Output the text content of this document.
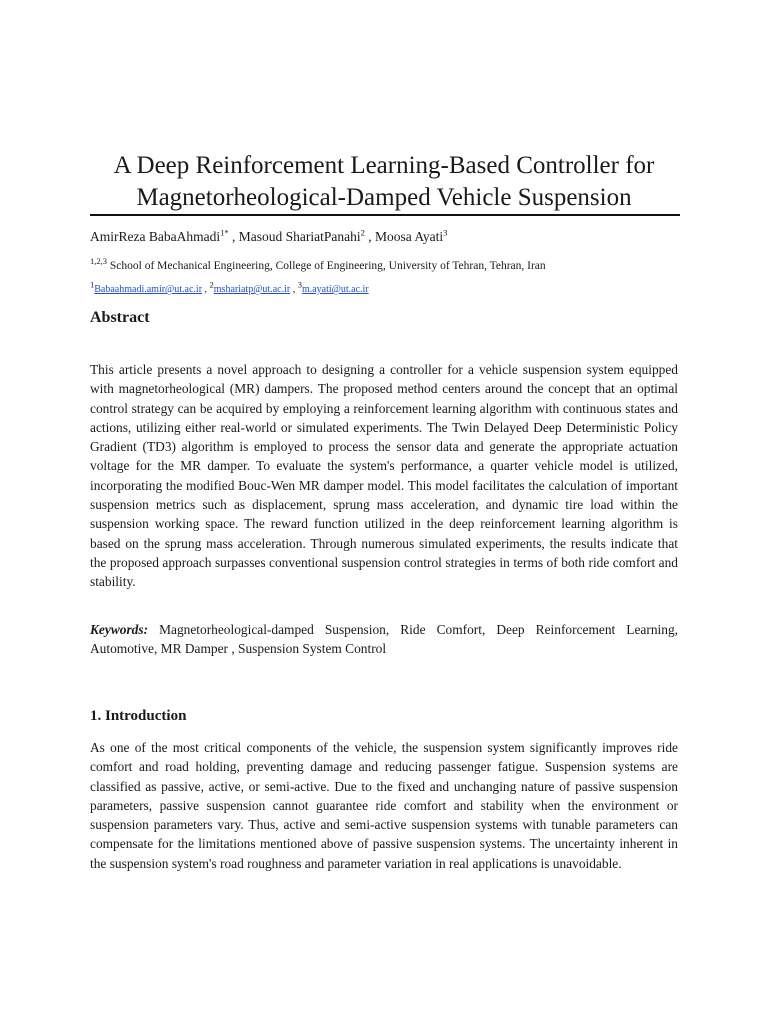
A Deep Reinforcement Learning-Based Controller for
Magnetorheological-Damped Vehicle Suspension
AmirReza BabaAhmadi$^{1*}$ , Masoud ShariatPanahi$^2$ , Moosa Ayati$^3$
$^{1,2,3}$ School of Mechanical Engineering, College of Engineering, University of Tehran, Tehran, Iran
$^1$Babaahmadi.amir@ut.ac.ir , $^2$mshariatp@ut.ac.ir , $^3$m.ayati@ut.ac.ir
Abstract

This article presents a novel approach to designing a controller for a vehicle suspension system equipped with magnetorheological (MR) dampers. The proposed method centers around the concept that an optimal control strategy can be acquired by employing a reinforcement learning algorithm with continuous states and actions, utilizing either real-world or simulated experiments. The Twin Delayed Deep Deterministic Policy Gradient (TD3) algorithm is employed to process the sensor data and generate the appropriate actuation voltage for the MR damper. To evaluate the system's performance, a quarter vehicle model is utilized, incorporating the modified Bouc-Wen MR damper model. This model facilitates the calculation of important suspension metrics such as displacement, sprung mass acceleration, and dynamic tire load within the suspension working space. The reward function utilized in the deep reinforcement learning algorithm is based on the sprung mass acceleration. Through numerous simulated experiments, the results indicate that the proposed approach surpasses conventional suspension control strategies in terms of both ride comfort and stability.

Keywords: Magnetorheological-damped Suspension, Ride Comfort, Deep Reinforcement Learning, Automotive, MR Damper , Suspension System Control

1. Introduction

As one of the most critical components of the vehicle, the suspension system significantly improves ride comfort and road holding, preventing damage and reducing passenger fatigue. Suspension systems are classified as passive, active, or semi-active. Due to the fixed and unchanging nature of passive suspension parameters, passive suspension cannot guarantee ride comfort and stability when the environment or suspension parameters vary. Thus, active and semi-active suspension systems with tunable parameters can compensate for the limitations mentioned above of passive suspension systems. The uncertainty inherent in the suspension system's road roughness and parameter variation in real applications is unavoidable.
